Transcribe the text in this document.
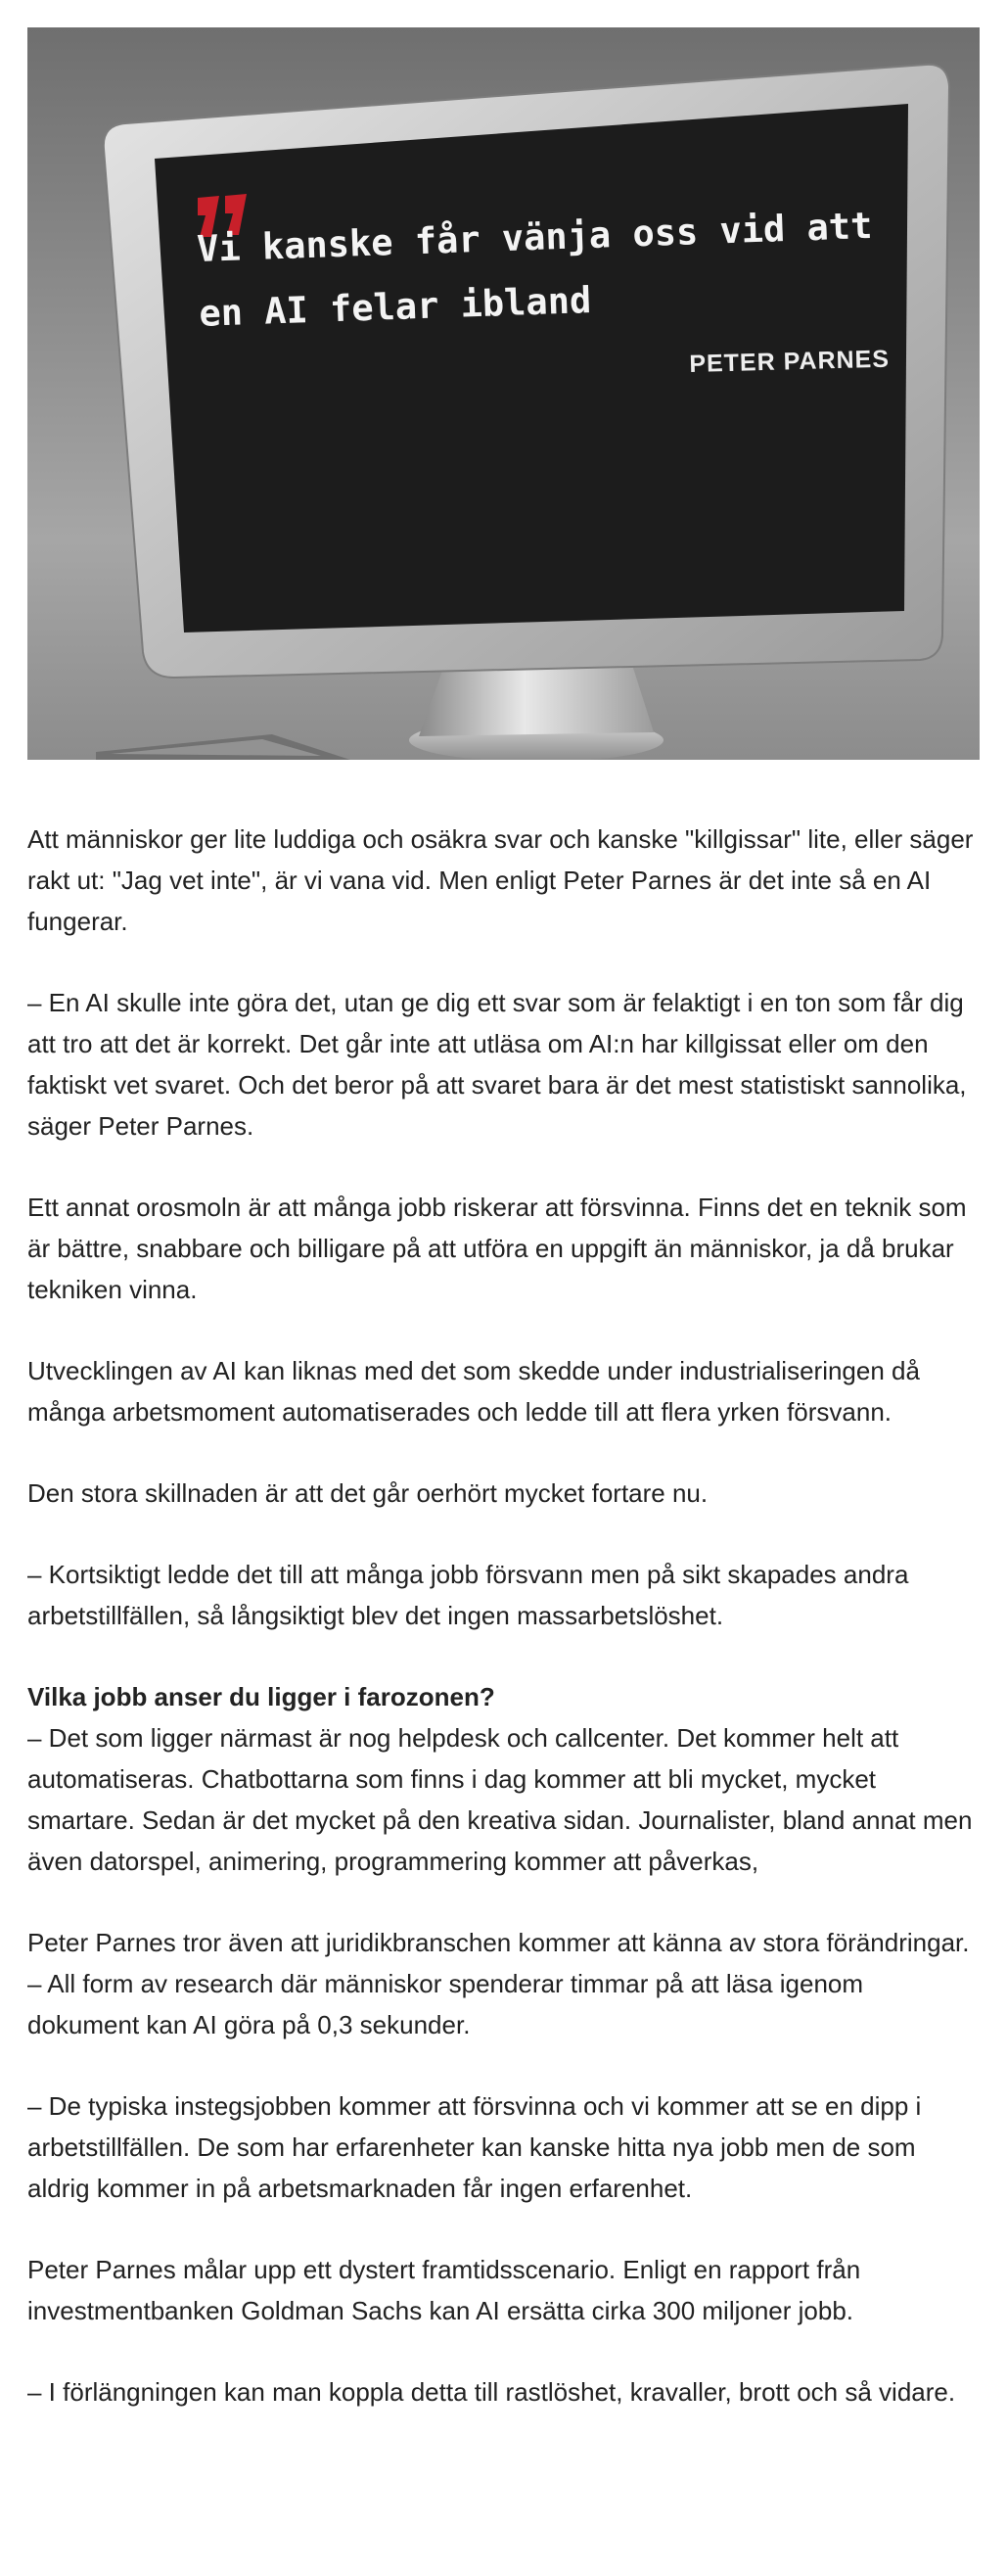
Vi kanske får vänja oss vid att
en AI felar ibland

PETER PARNES

Att människor ger lite luddiga och osäkra svar och kanske "killgissar" lite, eller säger rakt ut: "Jag vet inte", är vi vana vid. Men enligt Peter Parnes är det inte så en AI fungerar.

– En AI skulle inte göra det, utan ge dig ett svar som är felaktigt i en ton som får dig att tro att det är korrekt. Det går inte att utläsa om AI:n har killgissat eller om den faktiskt vet svaret. Och det beror på att svaret bara är det mest statistiskt sannolika, säger Peter Parnes.

Ett annat orosmoln är att många jobb riskerar att försvinna. Finns det en teknik som är bättre, snabbare och billigare på att utföra en uppgift än människor, ja då brukar tekniken vinna.

Utvecklingen av AI kan liknas med det som skedde under industrialiseringen då många arbetsmoment automatiserades och ledde till att flera yrken försvann.

Den stora skillnaden är att det går oerhört mycket fortare nu.

– Kortsiktigt ledde det till att många jobb försvann men på sikt skapades andra arbetstillfällen, så långsiktigt blev det ingen massarbetslöshet.

Vilka jobb anser du ligger i farozonen?
– Det som ligger närmast är nog helpdesk och callcenter. Det kommer helt att automatiseras. Chatbottarna som finns i dag kommer att bli mycket, mycket smartare. Sedan är det mycket på den kreativa sidan. Journalister, bland annat men även datorspel, animering, programmering kommer att påverkas,

Peter Parnes tror även att juridikbranschen kommer att känna av stora förändringar.
– All form av research där människor spenderar timmar på att läsa igenom dokument kan AI göra på 0,3 sekunder.

– De typiska instegsjobben kommer att försvinna och vi kommer att se en dipp i arbetstillfällen. De som har erfarenheter kan kanske hitta nya jobb men de som aldrig kommer in på arbetsmarknaden får ingen erfarenhet.

Peter Parnes målar upp ett dystert framtidsscenario. Enligt en rapport från investmentbanken Goldman Sachs kan AI ersätta cirka 300 miljoner jobb.

– I förlängningen kan man koppla detta till rastlöshet, kravaller, brott och så vidare.
